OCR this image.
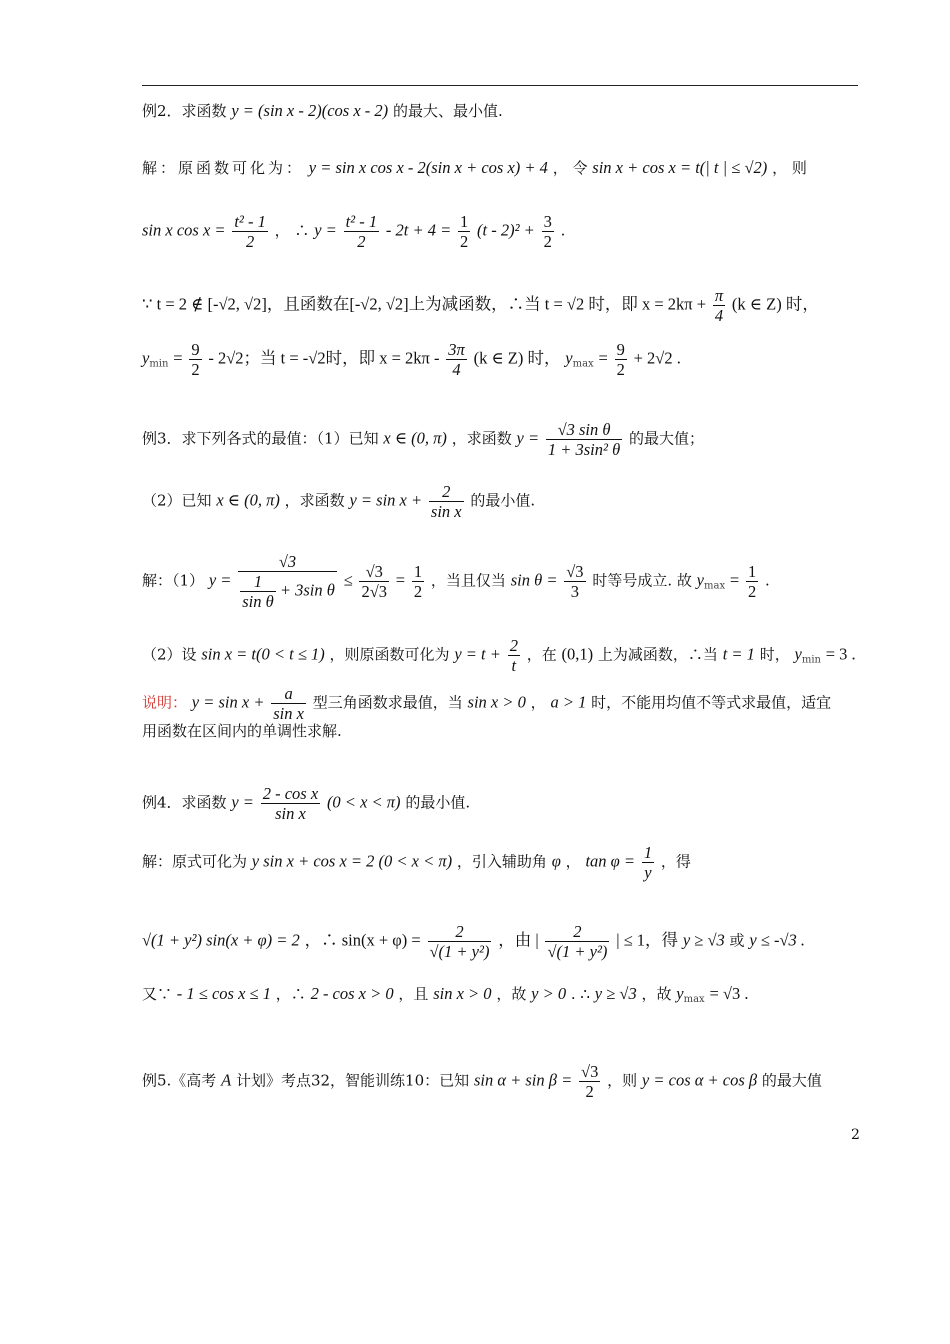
例2．求函数 y = (sin x - 2)(cos x - 2) 的最大、最小值.
解：原函数可化为： y = sin x cos x - 2(sin x + cos x) + 4 ， 令 sin x + cos x = t(| t | ≤ √2) ， 则
sin x $\cos x = \frac{\text{t² - 1}}{2}$ ， ∴ $y = \frac{\text{t² - 1}}{2} - 2t + 4 = \frac{1}{2} (t - 2)^2 + \frac{3}{2}$ .
∵ t = 2 ∉ [-√2, √2]，且函数在[-√2, √2]上为减函数，∴当 t = √2 时，即 $x = 2k\pi + \frac{\pi}{4} (k$ ∈ Z) 时，
$y_{min} = \frac{9}{2} - 2√2$；当 t = -√2时，即 $x = 2k\pi - \frac{3\pi}{4} (k$ ∈ Z) 时， $y_{max} = \frac{9}{2} + 2√2$ .
例3．求下列各式的最值：（1）已知 x ∈ (0, π) ，求函数 $y = \frac{\text{√3 sin θ}}{\text{1 + 3sin² θ}}$ 的最大值；
（2）已知 x ∈ (0, π) ，求函数 $y = \sin x + \frac{2}{\text{sin x}}$ 的最小值.
解：（1） $y = \frac{√3}{\frac{1}{\text{sin θ}} + 3\sin \theta} \le \frac{√3}{2√3} = \frac{1}{2}$ ，当且仅当 $\sin \theta = \frac{√3}{3}$ 时等号成立. 故 $y_{max} = \frac{1}{2}$ .
（2）设 sin x = t(0 < t ≤ 1) ，则原函数可化为 $y = t + \frac{2}{t}$ ，在 (0,1) 上为减函数，∴当 t = 1 时， $y_{min} = 3$ .
说明： $y = \sin x + \frac{a}{\text{sin x}}$ 型三角函数求最值，当 sin x > 0 ， a > 1 时，不能用均值不等式求最值，适宜
用函数在区间内的单调性求解.
例4．求函数 $y = \frac{\text{2 - cos x}}{\text{sin x}} (0 < x < \pi)$ 的最小值.
解：原式可化为 y sin x + cos x = 2 (0 < x < π) ，引入辅助角 φ ， $\tan \varphi = \frac{1}{y}$ ，得
√(1 + y²) sin(x + φ) = 2 ，∴ $\sin(x + \varphi) = \frac{2}{\text{√(1 + y²)}}$ ，由 | $\frac{2}{\text{√(1 + y²)}}$ | ≤ 1，得 y ≥ √3 或 y ≤ -√3 .
又∵ - 1 ≤ cos x ≤ 1 ，∴ 2 - cos x > 0 ，且 sin x > 0 ，故 y > 0 . ∴ y ≥ √3 ，故 $y_{max} = √3$ .
例5.《高考 A 计划》考点32，智能训练10：已知 $\sin \alpha + \sin \beta = \frac{√3}{2}$ ，则 y = cos α + cos β 的最大值
2
